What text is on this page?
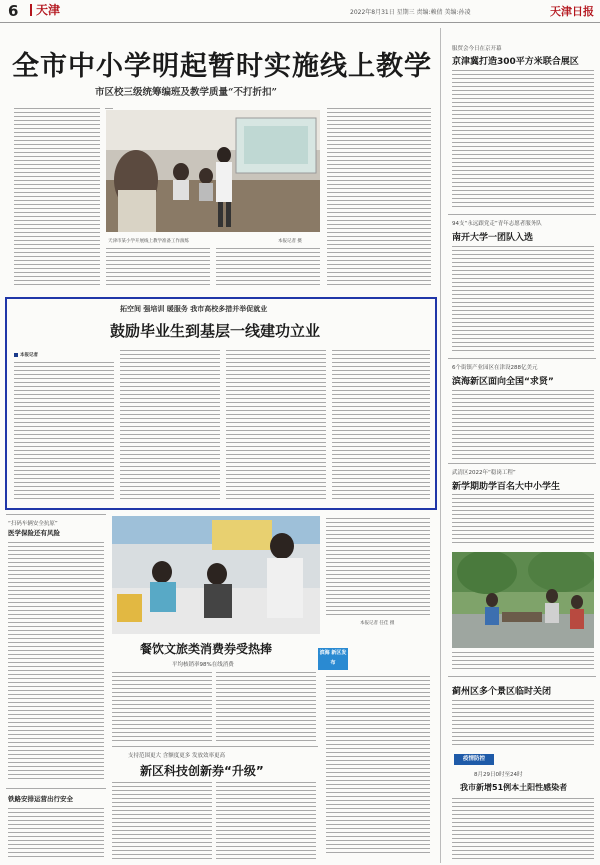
6	天津	2022年8月31日 星期三 责编:赖倩 美编:孙凌	天津日报
全市中小学明起暂时实施线上教学
市区校三级统筹编班及教学质量“不打折扣”
天津市某小学开展线上教学准备工作演练	本报记者 摄
拓空间 强培训 暖服务 我市高校多措并举促就业
鼓励毕业生到基层一线建功立业
本报记者
“扫码车辆安全抗原”
医学保险还有风险
铁路安排运营出行安全
本报记者 任佳 摄
餐饮文旅类消费券受热捧
平均核销率98%在线消费
滨海 新区发布
支持范围更大 含额度更多 发放效率更高
新区科技创新券“升级”
服贸会今日在京开幕
京津冀打造300平方米联合展区
94支“永远跟党走”青年志愿者服务队
南开大学一团队入选
6个街镇产业园区在津设288亿美元
滨海新区面向全国“求贤”
武清区2022年“稳岗工程”
新学期助学百名大中小学生
蓟州区多个景区临时关闭
疫情防控
8月29日0时至24时
我市新增51例本土阳性感染者
